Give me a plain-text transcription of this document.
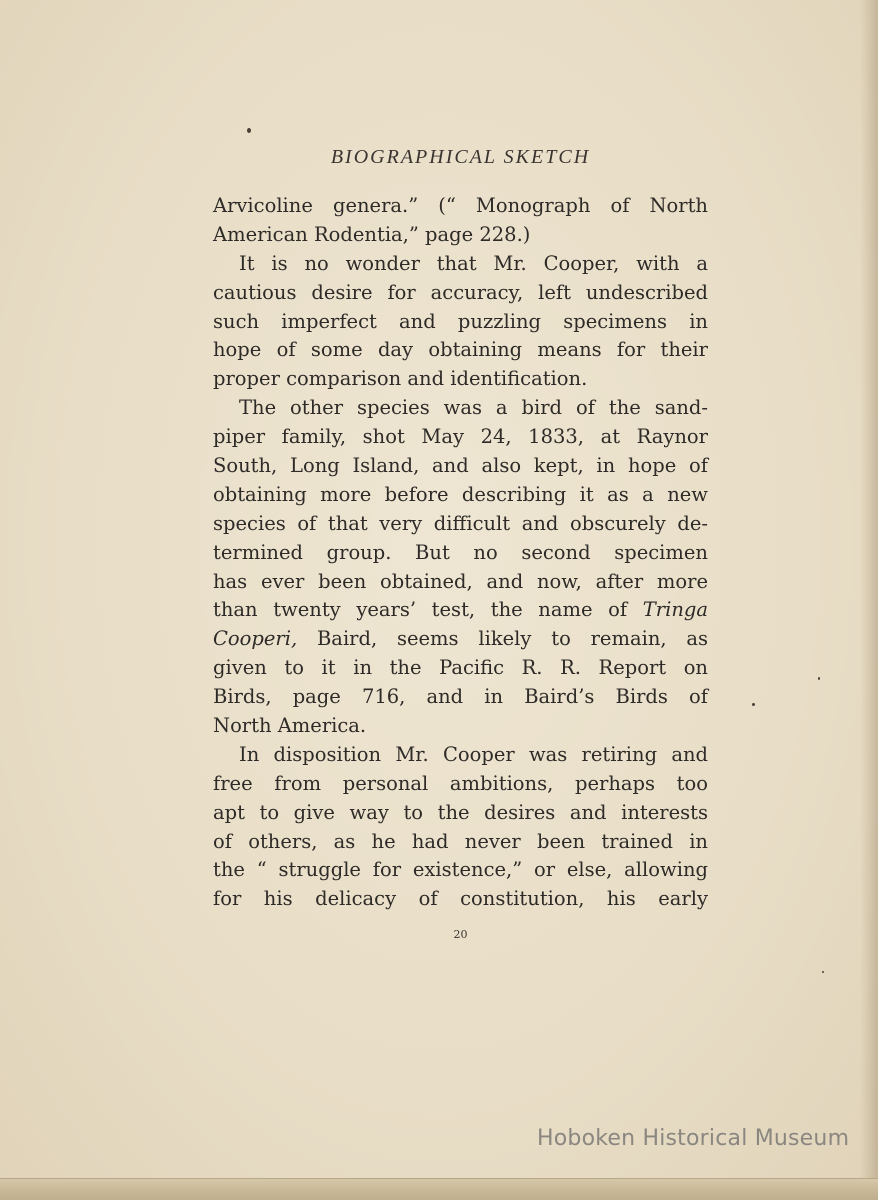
BIOGRAPHICAL SKETCH
Arvicoline genera.” (“ Monograph of North
American Rodentia,” page 228.)
It is no wonder that Mr. Cooper, with a
cautious desire for accuracy, left undescribed
such imperfect and puzzling specimens in
hope of some day obtaining means for their
proper comparison and identification.
The other species was a bird of the sand-
piper family, shot May 24, 1833, at Raynor
South, Long Island, and also kept, in hope of
obtaining more before describing it as a new
species of that very difficult and obscurely de-
termined group. But no second specimen
has ever been obtained, and now, after more
than twenty years’ test, the name of Tringa
Cooperi, Baird, seems likely to remain, as
given to it in the Pacific R. R. Report on
Birds, page 716, and in Baird’s Birds of
North America.
In disposition Mr. Cooper was retiring and
free from personal ambitions, perhaps too
apt to give way to the desires and interests
of others, as he had never been trained in
the “ struggle for existence,” or else, allowing
for his delicacy of constitution, his early
20
Hoboken Historical Museum
